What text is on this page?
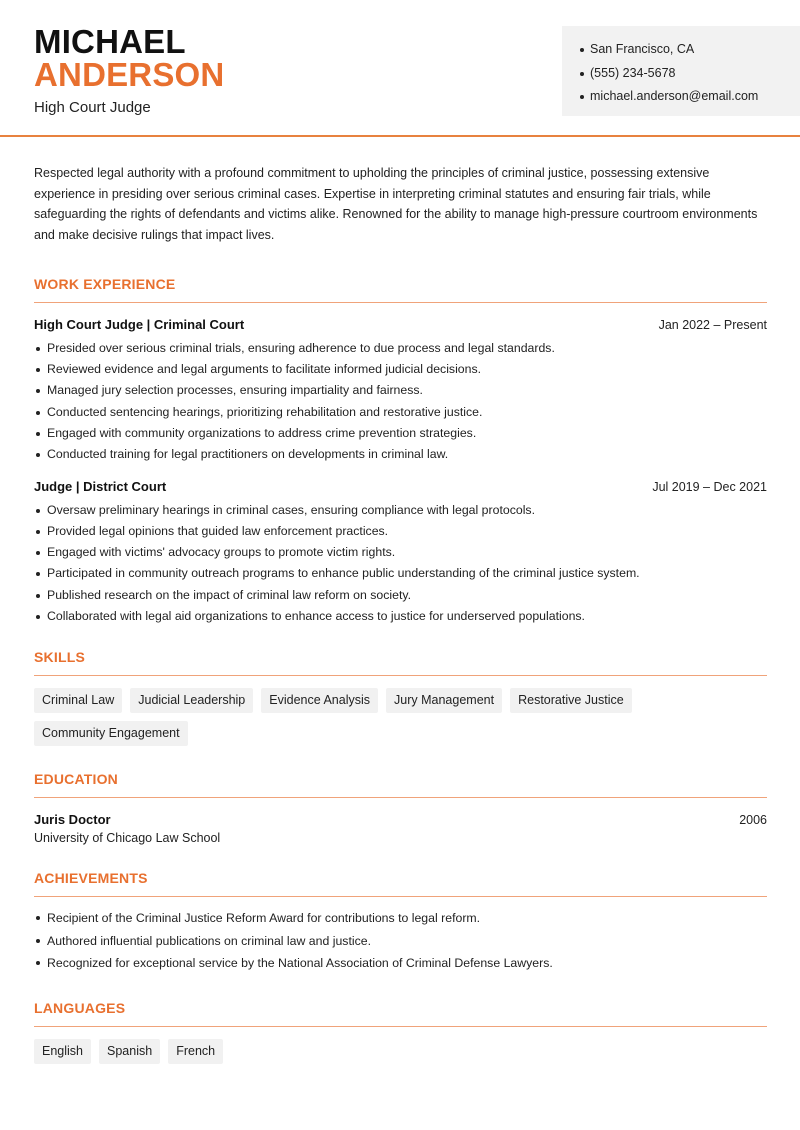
MICHAEL
ANDERSON
High Court Judge
San Francisco, CA
(555) 234-5678
michael.anderson@email.com

Respected legal authority with a profound commitment to upholding the principles of criminal justice, possessing extensive experience in presiding over serious criminal cases. Expertise in interpreting criminal statutes and ensuring fair trials, while safeguarding the rights of defendants and victims alike. Renowned for the ability to manage high-pressure courtroom environments and make decisive rulings that impact lives.

WORK EXPERIENCE
High Court Judge | Criminal Court	Jan 2022 – Present
Presided over serious criminal trials, ensuring adherence to due process and legal standards.
Reviewed evidence and legal arguments to facilitate informed judicial decisions.
Managed jury selection processes, ensuring impartiality and fairness.
Conducted sentencing hearings, prioritizing rehabilitation and restorative justice.
Engaged with community organizations to address crime prevention strategies.
Conducted training for legal practitioners on developments in criminal law.
Judge | District Court	Jul 2019 – Dec 2021
Oversaw preliminary hearings in criminal cases, ensuring compliance with legal protocols.
Provided legal opinions that guided law enforcement practices.
Engaged with victims' advocacy groups to promote victim rights.
Participated in community outreach programs to enhance public understanding of the criminal justice system.
Published research on the impact of criminal law reform on society.
Collaborated with legal aid organizations to enhance access to justice for underserved populations.
SKILLS
Criminal Law	Judicial Leadership	Evidence Analysis	Jury Management	Restorative Justice
Community Engagement
EDUCATION
Juris Doctor	2006
University of Chicago Law School
ACHIEVEMENTS
Recipient of the Criminal Justice Reform Award for contributions to legal reform.
Authored influential publications on criminal law and justice.
Recognized for exceptional service by the National Association of Criminal Defense Lawyers.
LANGUAGES
English	Spanish	French
